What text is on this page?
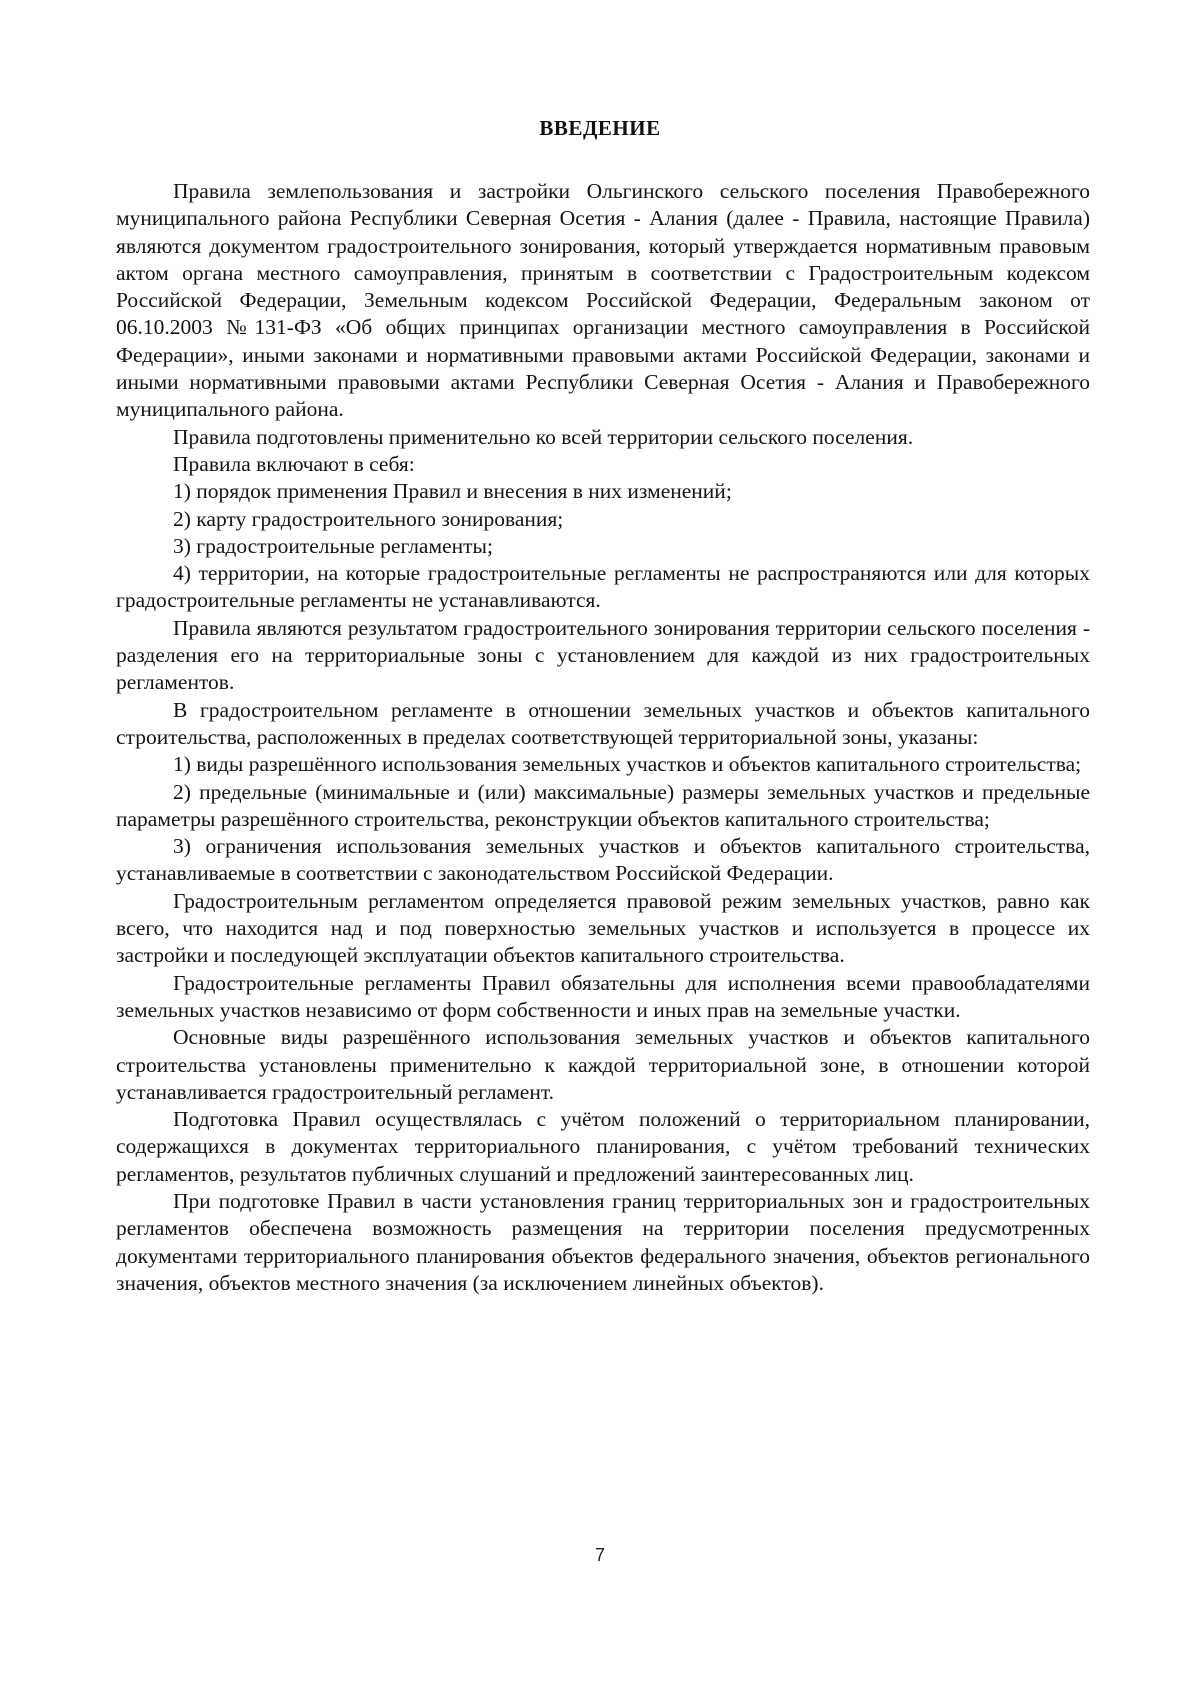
ВВЕДЕНИЕ

Правила землепользования и застройки Ольгинского сельского поселения Правобережного муниципального района Республики Северная Осетия - Алания (далее - Правила, настоящие Правила) являются документом градостроительного зонирования, который утверждается нормативным правовым актом органа местного самоуправления, принятым в соответствии с Градостроительным кодексом Российской Федерации, Земельным кодексом Российской Федерации, Федеральным законом от 06.10.2003 №131-ФЗ «Об общих принципах организации местного самоуправления в Российской Федерации», иными законами и нормативными правовыми актами Российской Федерации, законами и иными нормативными правовыми актами Республики Северная Осетия - Алания и Правобережного муниципального района.

Правила подготовлены применительно ко всей территории сельского поселения.

Правила включают в себя:

1) порядок применения Правил и внесения в них изменений;

2) карту градостроительного зонирования;

3) градостроительные регламенты;

4) территории, на которые градостроительные регламенты не распространяются или для которых градостроительные регламенты не устанавливаются.

Правила являются результатом градостроительного зонирования территории сельского поселения - разделения его на территориальные зоны с установлением для каждой из них градостроительных регламентов.

В градостроительном регламенте в отношении земельных участков и объектов капитального строительства, расположенных в пределах соответствующей территориальной зоны, указаны:

1) виды разрешённого использования земельных участков и объектов капитального строительства;

2) предельные (минимальные и (или) максимальные) размеры земельных участков и предельные параметры разрешённого строительства, реконструкции объектов капитального строительства;

3) ограничения использования земельных участков и объектов капитального строительства, устанавливаемые в соответствии с законодательством Российской Федерации.

Градостроительным регламентом определяется правовой режим земельных участков, равно как всего, что находится над и под поверхностью земельных участков и используется в процессе их застройки и последующей эксплуатации объектов капитального строительства.

Градостроительные регламенты Правил обязательны для исполнения всеми правообладателями земельных участков независимо от форм собственности и иных прав на земельные участки.

Основные виды разрешённого использования земельных участков и объектов капитального строительства установлены применительно к каждой территориальной зоне, в отношении которой устанавливается градостроительный регламент.

Подготовка Правил осуществлялась с учётом положений о территориальном планировании, содержащихся в документах территориального планирования, с учётом требований технических регламентов, результатов публичных слушаний и предложений заинтересованных лиц.

При подготовке Правил в части установления границ территориальных зон и градостроительных регламентов обеспечена возможность размещения на территории поселения предусмотренных документами территориального планирования объектов федерального значения, объектов регионального значения, объектов местного значения (за исключением линейных объектов).

7
